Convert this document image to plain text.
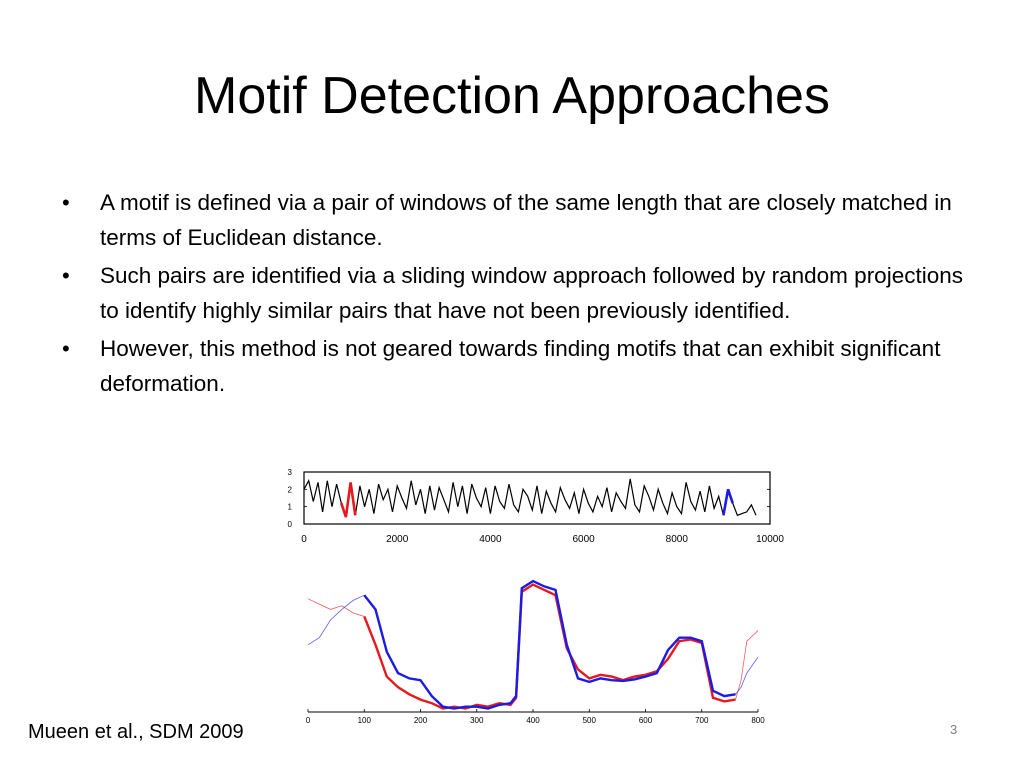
Motif Detection Approaches
• A motif is defined via a pair of windows of the same length that are closely matched in terms of Euclidean distance.
• Such pairs are identified via a sliding window approach followed by random projections to identify highly similar pairs that have not been previously identified.
• However, this method is not geared towards finding motifs that can exhibit significant deformation.
0
1
2
3
0	2000	4000	6000	8000	10000
0	100	200	300	400	500	600	700	800
Mueen et al., SDM 2009	3
